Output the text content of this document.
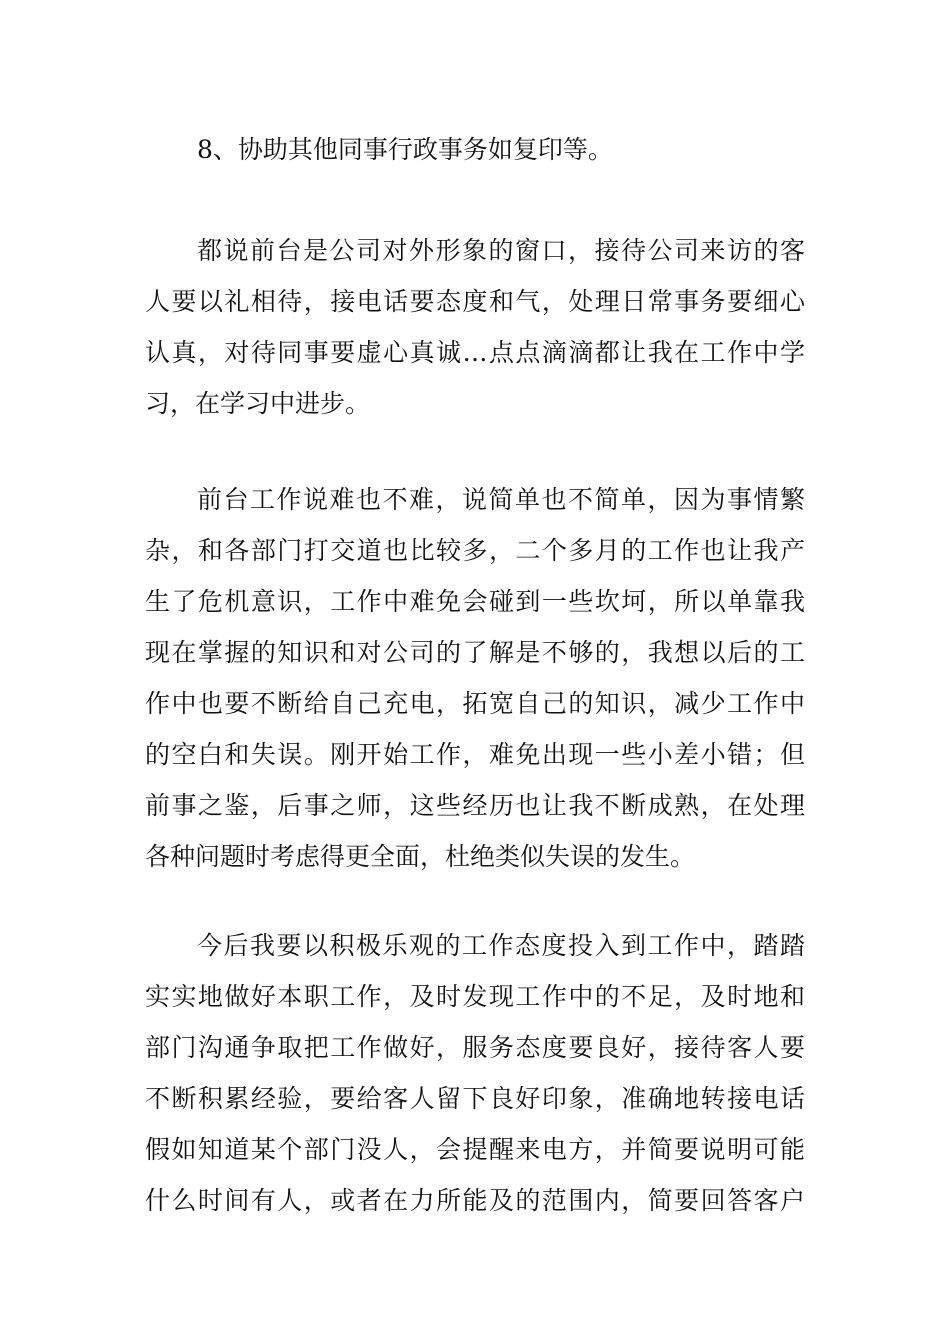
8、协助其他同事行政事务如复印等。

都说前台是公司对外形象的窗口，接待公司来访的客
人要以礼相待，接电话要态度和气，处理日常事务要细心
认真，对待同事要虚心真诚…点点滴滴都让我在工作中学
习，在学习中进步。

前台工作说难也不难，说简单也不简单，因为事情繁
杂，和各部门打交道也比较多，二个多月的工作也让我产
生了危机意识，工作中难免会碰到一些坎坷，所以单靠我
现在掌握的知识和对公司的了解是不够的，我想以后的工
作中也要不断给自己充电，拓宽自己的知识，减少工作中
的空白和失误。刚开始工作，难免出现一些小差小错；但
前事之鉴，后事之师，这些经历也让我不断成熟，在处理
各种问题时考虑得更全面，杜绝类似失误的发生。

今后我要以积极乐观的工作态度投入到工作中，踏踏
实实地做好本职工作，及时发现工作中的不足，及时地和
部门沟通争取把工作做好，服务态度要良好，接待客人要
不断积累经验，要给客人留下良好印象，准确地转接电话
假如知道某个部门没人，会提醒来电方，并简要说明可能
什么时间有人，或者在力所能及的范围内，简要回答客户
